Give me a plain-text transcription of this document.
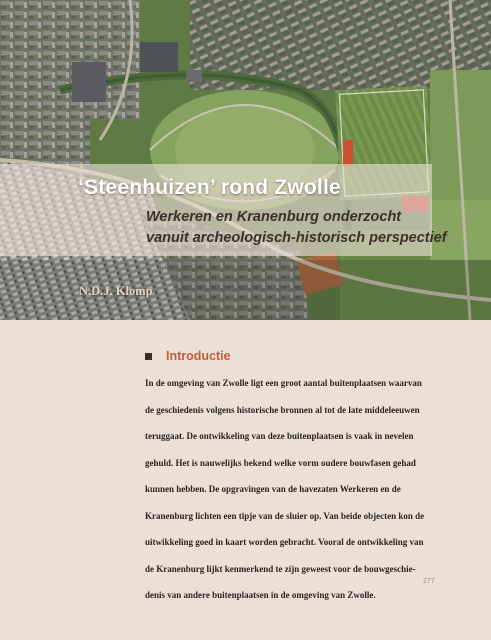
‘Steenhuizen’ rond Zwolle
Werkeren en Kranenburg onderzocht
vanuit archeologisch-historisch perspectief
N.D.J. Klomp
Introductie
In de omgeving van Zwolle ligt een groot aantal buitenplaatsen waarvan
de geschiedenis volgens historische bronnen al tot de late middeleeuwen
teruggaat. De ontwikkeling van deze buitenplaatsen is vaak in nevelen
gehuld. Het is nauwelijks bekend welke vorm oudere bouwfasen gehad
kunnen hebben. De opgravingen van de havezaten Werkeren en de
Kranenburg lichten een tipje van de sluier op. Van beide objecten kon de
uitwikkeling goed in kaart worden gebracht. Vooral de ontwikkeling van
de Kranenburg lijkt kenmerkend te zijn geweest voor de bouwgeschie-
denis van andere buitenplaatsen in de omgeving van Zwolle.
277
